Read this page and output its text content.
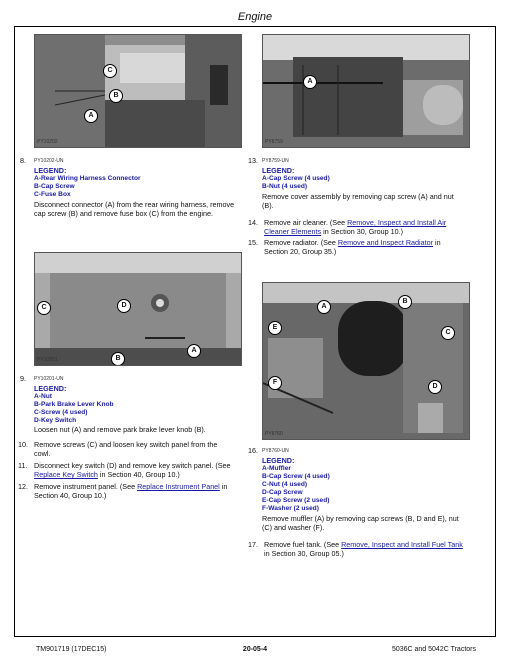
Engine
C
B
A
PY10202
A
PY8759
8. PY10202-UN
LEGEND:
A-Rear Wiring Harness Connector
B-Cap Screw
C-Fuse Box
Disconnect connector (A) from the rear wiring harness, remove
cap screw (B) and remove fuse box (C) from the engine.
13. PY8759-UN
LEGEND:
A-Cap Screw (4 used)
B-Nut (4 used)
Remove cover assembly by removing cap screw (A) and nut
(B).
14. Remove air cleaner. (See Remove, Inspect and Install Air
Cleaner Elements in Section 30, Group 10.)
15. Remove radiator. (See Remove and Inspect Radiator in
Section 20, Group 35.)
C	D
B
A
PY10201
B
A
C
E
F
D
PY8760
9. PY10201-UN
LEGEND:
A-Nut
B-Park Brake Lever Knob
C-Screw (4 used)
D-Key Switch
Loosen nut (A) and remove park brake lever knob (B).
10. Remove screws (C) and loosen key switch panel from the
cowl.
11. Disconnect key switch (D) and remove key switch panel. (See
Replace Key Switch in Section 40, Group 10.)
12. Remove instrument panel. (See Replace Instrument Panel in
Section 40, Group 10.)
16. PY8760-UN
LEGEND:
A-Muffler
B-Cap Screw (4 used)
C-Nut (4 used)
D-Cap Screw
E-Cap Screw (2 used)
F-Washer (2 used)
Remove muffler (A) by removing cap screws (B, D and E), nut
(C) and washer (F).
17. Remove fuel tank. (See Remove, Inspect and Install Fuel Tank
in Section 30, Group 05.)
TM901719 (17DEC15)	20-05-4	5036C and 5042C Tractors
